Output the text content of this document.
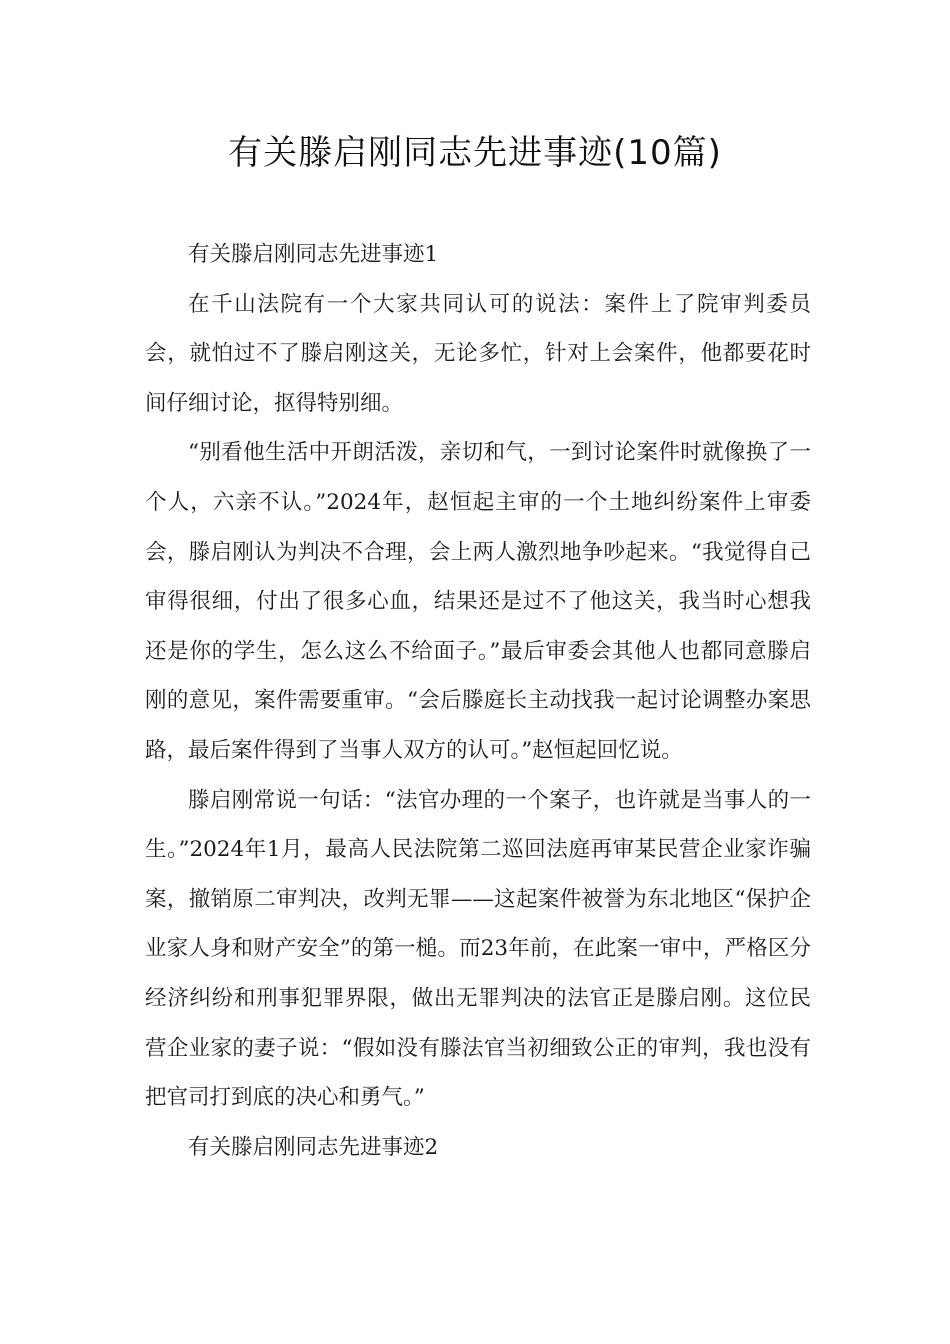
有关滕启刚同志先进事迹(10篇)

有关滕启刚同志先进事迹1

在千山法院有一个大家共同认可的说法：案件上了院审判委员会，就怕过不了滕启刚这关，无论多忙，针对上会案件，他都要花时间仔细讨论，抠得特别细。

“别看他生活中开朗活泼，亲切和气，一到讨论案件时就像换了一个人，六亲不认。”2024年，赵恒起主审的一个土地纠纷案件上审委会，滕启刚认为判决不合理，会上两人激烈地争吵起来。“我觉得自己审得很细，付出了很多心血，结果还是过不了他这关，我当时心想我还是你的学生，怎么这么不给面子。”最后审委会其他人也都同意滕启刚的意见，案件需要重审。“会后滕庭长主动找我一起讨论调整办案思路，最后案件得到了当事人双方的认可。”赵恒起回忆说。

滕启刚常说一句话：“法官办理的一个案子，也许就是当事人的一生。”2024年1月，最高人民法院第二巡回法庭再审某民营企业家诈骗案，撤销原二审判决，改判无罪——这起案件被誉为东北地区“保护企业家人身和财产安全”的第一槌。而23年前，在此案一审中，严格区分经济纠纷和刑事犯罪界限，做出无罪判决的法官正是滕启刚。这位民营企业家的妻子说：“假如没有滕法官当初细致公正的审判，我也没有把官司打到底的决心和勇气。”

有关滕启刚同志先进事迹2
